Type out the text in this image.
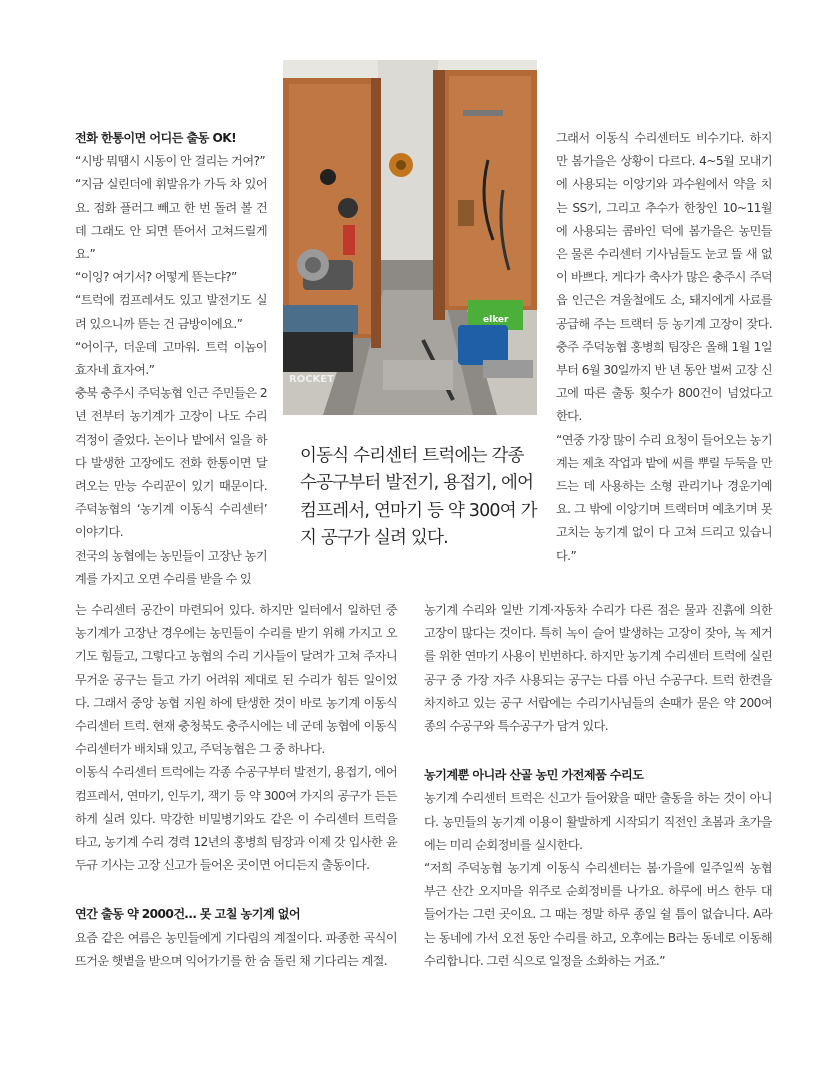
ROCKET
elker
이동식 수리센터 트럭에는 각종 수공구부터 발전기, 용접기, 에어 컴프레서, 연마기 등 약 300여 가지 공구가 실려 있다.

전화 한통이면 어디든 출동 OK!

“시방 뭐땜시 시동이 안 걸리는 거여?”

“지금 실린더에 휘발유가 가득 차 있어요. 점화 플러그 빼고 한 번 돌려 볼 건데 그래도 안 되면 뜯어서 고쳐드릴게요.”

“이잉? 여기서? 어떻게 뜯는댜?”

“트럭에 컴프레셔도 있고 발전기도 실려 있으니까 뜯는 건 금방이에요.”

“어이구, 더운데 고마워. 트럭 이놈이 효자네 효자여.”

충북 충주시 주덕농협 인근 주민들은 2년 전부터 농기계가 고장이 나도 수리 걱정이 줄었다. 논이나 밭에서 일을 하다 발생한 고장에도 전화 한통이면 달려오는 만능 수리꾼이 있기 때문이다. 주덕농협의 ‘농기계 이동식 수리센터’ 이야기다.

전국의 농협에는 농민들이 고장난 농기계를 가지고 오면 수리를 받을 수 있

그래서 이동식 수리센터도 비수기다. 하지만 봄가을은 상황이 다르다. 4~5월 모내기에 사용되는 이앙기와 과수원에서 약을 치는 SS기, 그리고 추수가 한창인 10~11월에 사용되는 콤바인 덕에 봄가을은 농민들은 물론 수리센터 기사님들도 눈코 뜰 새 없이 바쁘다. 게다가 축사가 많은 충주시 주덕읍 인근은 겨울철에도 소, 돼지에게 사료를 공급해 주는 트랙터 등 농기계 고장이 잦다. 충주 주덕농협 홍병희 팀장은 올해 1월 1일부터 6월 30일까지 반 년 동안 벌써 고장 신고에 따른 출동 횟수가 800건이 넘었다고 한다.

“연중 가장 많이 수리 요청이 들어오는 농기계는 제초 작업과 밭에 씨를 뿌릴 두둑을 만드는 데 사용하는 소형 관리기나 경운기예요. 그 밖에 이앙기며 트랙터며 예초기며 못 고치는 농기계 없이 다 고쳐 드리고 있습니다.”

는 수리센터 공간이 마련되어 있다. 하지만 일터에서 일하던 중 농기계가 고장난 경우에는 농민들이 수리를 받기 위해 가지고 오기도 힘들고, 그렇다고 농협의 수리 기사들이 달려가 고쳐 주자니 무거운 공구는 들고 가기 어려워 제대로 된 수리가 힘든 일이었다. 그래서 중앙 농협 지원 하에 탄생한 것이 바로 농기계 이동식 수리센터 트럭. 현재 충청북도 충주시에는 네 군데 농협에 이동식 수리센터가 배치돼 있고, 주덕농협은 그 중 하나다.

이동식 수리센터 트럭에는 각종 수공구부터 발전기, 용접기, 에어 컴프레서, 연마기, 인두기, 잭기 등 약 300여 가지의 공구가 든든하게 실려 있다. 막강한 비밀병기와도 같은 이 수리센터 트럭을 타고, 농기계 수리 경력 12년의 홍병희 팀장과 이제 갓 입사한 윤두규 기사는 고장 신고가 들어온 곳이면 어디든지 출동이다.

연간 출동 약 2000건… 못 고칠 농기계 없어

요즘 같은 여름은 농민들에게 기다림의 계절이다. 파종한 곡식이 뜨거운 햇볕을 받으며 익어가기를 한 숨 돌린 채 기다리는 계절.

농기계 수리와 일반 기계·자동차 수리가 다른 점은 물과 진흙에 의한 고장이 많다는 것이다. 특히 녹이 슬어 발생하는 고장이 잦아, 녹 제거를 위한 연마기 사용이 빈번하다. 하지만 농기계 수리센터 트럭에 실린 공구 중 가장 자주 사용되는 공구는 다름 아닌 수공구다. 트럭 한켠을 차지하고 있는 공구 서랍에는 수리기사님들의 손때가 묻은 약 200여 종의 수공구와 특수공구가 담겨 있다.

농기계뿐 아니라 산골 농민 가전제품 수리도

농기계 수리센터 트럭은 신고가 들어왔을 때만 출동을 하는 것이 아니다. 농민들의 농기계 이용이 활발하게 시작되기 직전인 초봄과 초가을에는 미리 순회정비를 실시한다.

“저희 주덕농협 농기계 이동식 수리센터는 봄·가을에 일주일씩 농협 부근 산간 오지마을 위주로 순회정비를 나가요. 하루에 버스 한두 대 들어가는 그런 곳이요. 그 때는 정말 하루 종일 쉴 틈이 없습니다. A라는 동네에 가서 오전 동안 수리를 하고, 오후에는 B라는 동네로 이동해 수리합니다. 그런 식으로 일정을 소화하는 거죠.”
